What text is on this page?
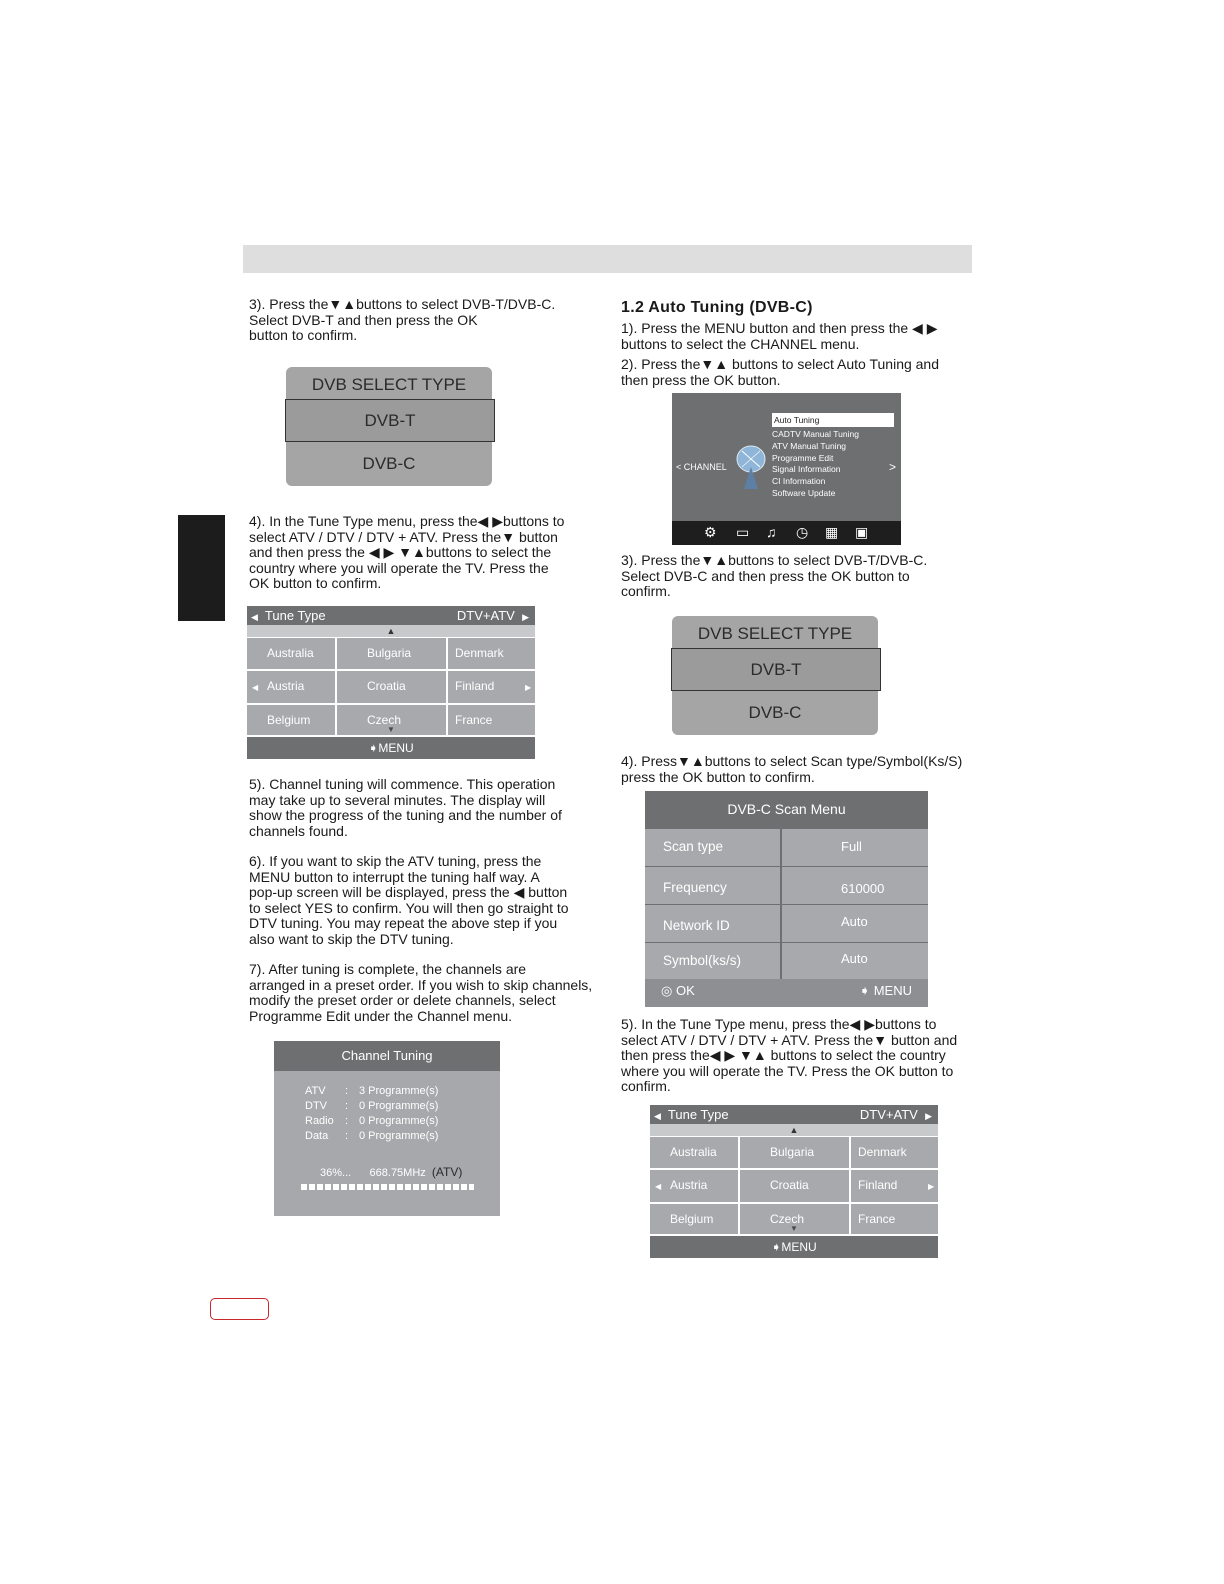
3). Press the▼▲buttons to select DVB-T/DVB-C.
Select DVB-T and then press the OK
button to confirm.
DVB SELECT TYPE
DVB-T
DVB-C
4). In the Tune Type menu, press the◀ ▶buttons to
select ATV / DTV / DTV + ATV. Press the▼ button
and then press the ◀ ▶ ▼▲buttons to select the
country where you will operate the TV. Press the
OK button to confirm.
◀ Tune Type	DTV+ATV ▶
▲
Australia	Bulgaria	Denmark
Austria	Croatia	Finland
Belgium	Czech	France
◀	▶
▼
➧MENU
5). Channel tuning will commence. This operation
may take up to several minutes. The display will
show the progress of the tuning and the number of
channels found.
6). If you want to skip the ATV tuning, press the
MENU button to interrupt the tuning half way. A
pop-up screen will be displayed, press the ◀ button
to select YES to confirm. You will then go straight to
DTV tuning. You may repeat the above step if you
also want to skip the DTV tuning.
7). After tuning is complete, the channels are
arranged in a preset order. If you wish to skip channels,
modify the preset order or delete channels, select
Programme Edit under the Channel menu.
Channel Tuning
ATV : 3 Programme(s)
DTV : 0 Programme(s)
Radio : 0 Programme(s)
Data : 0 Programme(s)
36%... 668.75MHz (ATV)
1.2 Auto Tuning (DVB-C)
1). Press the MENU button and then press the ◀ ▶
buttons to select the CHANNEL menu.
2). Press the▼▲ buttons to select Auto Tuning and
then press the OK button.
< CHANNEL	>
Auto Tuning
CADTV Manual Tuning
ATV Manual Tuning
Programme Edit
Signal Information
CI Information
Software Update
⚙ ▭ ♫ ◷ ▦ ▣
3). Press the▼▲buttons to select DVB-T/DVB-C.
Select DVB-C and then press the OK button to
confirm.
DVB SELECT TYPE
DVB-T
DVB-C
4). Press▼▲buttons to select Scan type/Symbol(Ks/S)
press the OK button to confirm.
DVB-C Scan Menu
Scan type	Full
Frequency	610000
Network ID	Auto
Symbol(ks/s)	Auto
◎ OK	➧ MENU
5). In the Tune Type menu, press the◀ ▶buttons to
select ATV / DTV / DTV + ATV. Press the▼ button and
then press the◀ ▶ ▼▲ buttons to select the country
where you will operate the TV. Press the OK button to
confirm.
◀ Tune Type	DTV+ATV ▶
▲
Australia	Bulgaria	Denmark
Austria	Croatia	Finland
Belgium	Czech	France
◀	▶
▼
➧MENU
